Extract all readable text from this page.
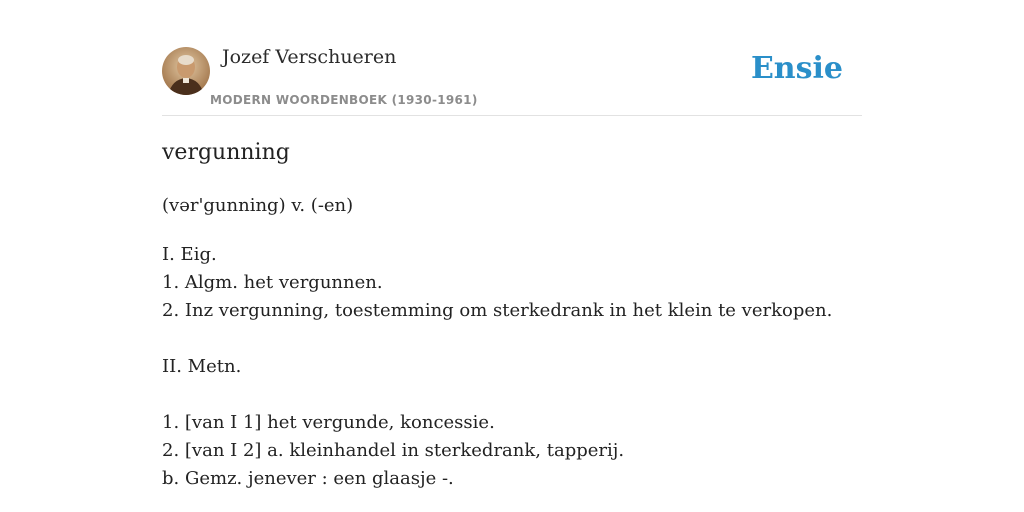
Jozef Verschueren
MODERN WOORDENBOEK (1930-1961)
Ensie
vergunning
(vər'gunning) v. (-en)
I. Eig.
1. Algm. het vergunnen.
2. Inz vergunning, toestemming om sterkedrank in het klein te verkopen.
II. Metn.
1. [van I 1] het vergunde, koncessie.
2. [van I 2] a. kleinhandel in sterkedrank, tapperij.
b. Gemz. jenever : een glaasje -.
